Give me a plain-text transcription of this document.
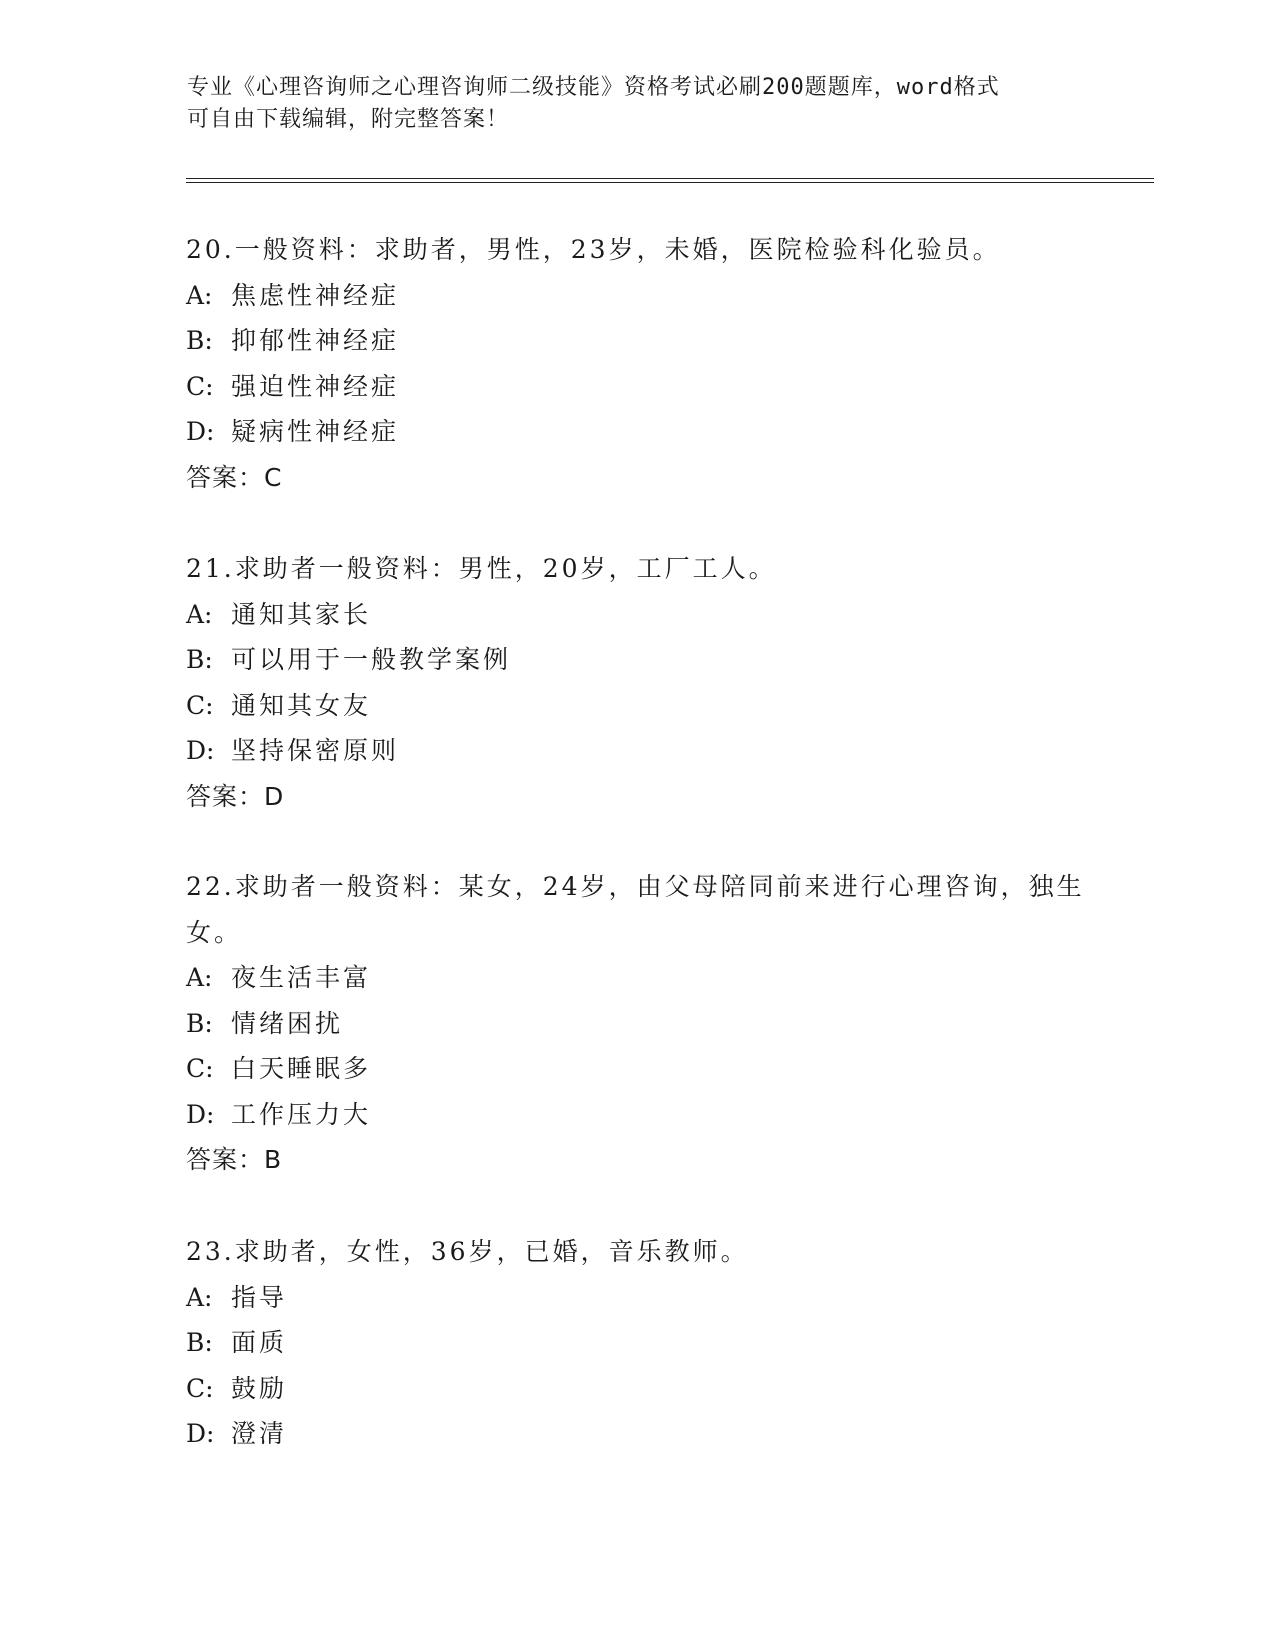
专业《心理咨询师之心理咨询师二级技能》资格考试必刷200题题库，word格式
可自由下载编辑，附完整答案！
20.一般资料：求助者，男性，23岁，未婚，医院检验科化验员。
A: 焦虑性神经症
B: 抑郁性神经症
C: 强迫性神经症
D: 疑病性神经症
答案：C
21.求助者一般资料：男性，20岁，工厂工人。
A: 通知其家长
B: 可以用于一般教学案例
C: 通知其女友
D: 坚持保密原则
答案：D
22.求助者一般资料：某女，24岁，由父母陪同前来进行心理咨询，独生女。
A: 夜生活丰富
B: 情绪困扰
C: 白天睡眠多
D: 工作压力大
答案：B
23.求助者，女性，36岁，已婚，音乐教师。
A: 指导
B: 面质
C: 鼓励
D: 澄清
